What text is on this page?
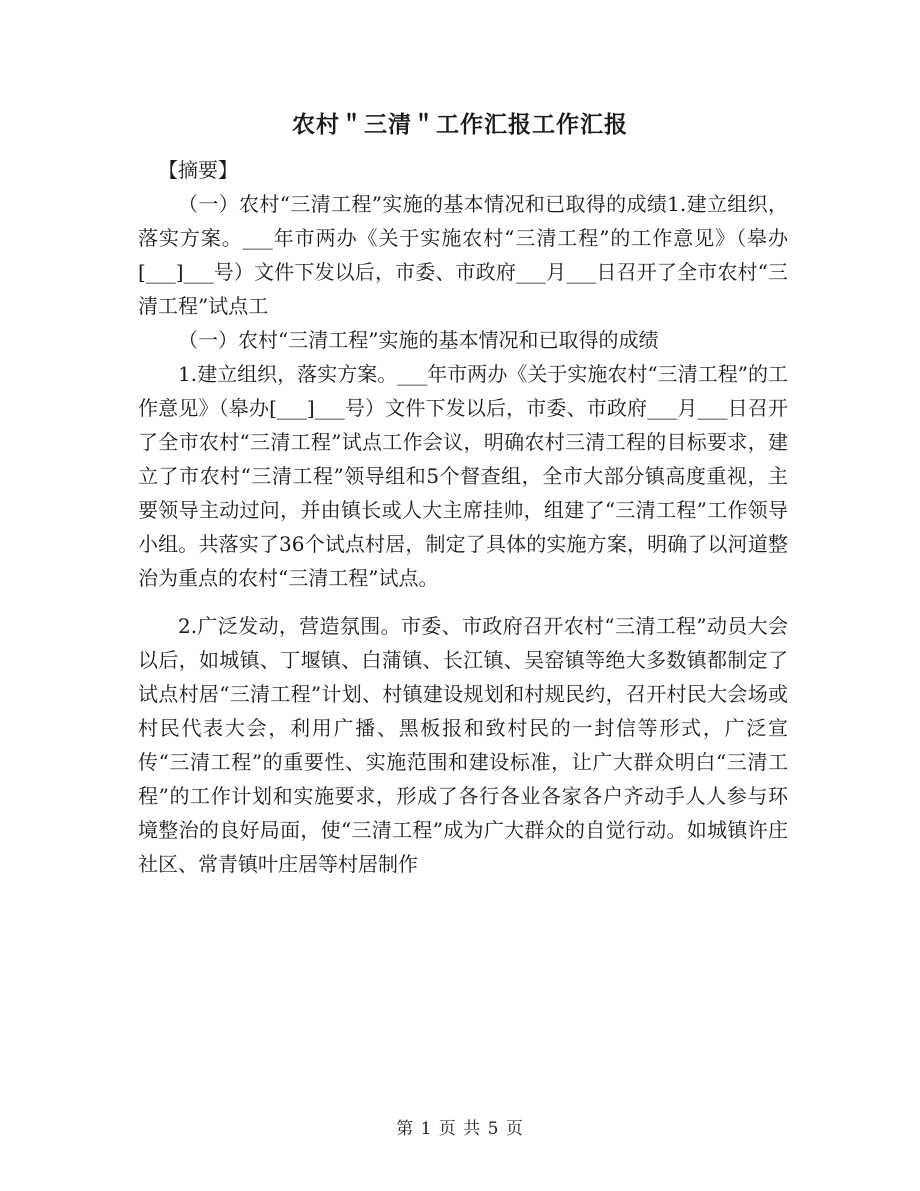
农村＂三清＂工作汇报工作汇报

【摘要】

（一）农村“三清工程”实施的基本情况和已取得的成绩1.建立组织，落实方案。___年市两办《关于实施农村“三清工程”的工作意见》（皋办[___]___号）文件下发以后，市委、市政府___月___日召开了全市农村“三清工程”试点工

（一）农村“三清工程”实施的基本情况和已取得的成绩

1.建立组织，落实方案。___年市两办《关于实施农村“三清工程”的工作意见》（皋办[___]___号）文件下发以后，市委、市政府___月___日召开了全市农村“三清工程”试点工作会议，明确农村三清工程的目标要求，建立了市农村“三清工程”领导组和5个督查组，全市大部分镇高度重视，主要领导主动过问，并由镇长或人大主席挂帅，组建了“三清工程”工作领导小组。共落实了36个试点村居，制定了具体的实施方案，明确了以河道整治为重点的农村“三清工程”试点。

2.广泛发动，营造氛围。市委、市政府召开农村“三清工程”动员大会以后，如城镇、丁堰镇、白蒲镇、长江镇、吴窑镇等绝大多数镇都制定了试点村居“三清工程”计划、村镇建设规划和村规民约，召开村民大会场或村民代表大会，利用广播、黑板报和致村民的一封信等形式，广泛宣传“三清工程”的重要性、实施范围和建设标准，让广大群众明白“三清工程”的工作计划和实施要求，形成了各行各业各家各户齐动手人人参与环境整治的良好局面，使“三清工程”成为广大群众的自觉行动。如城镇许庄社区、常青镇叶庄居等村居制作

第 1 页 共 5 页
